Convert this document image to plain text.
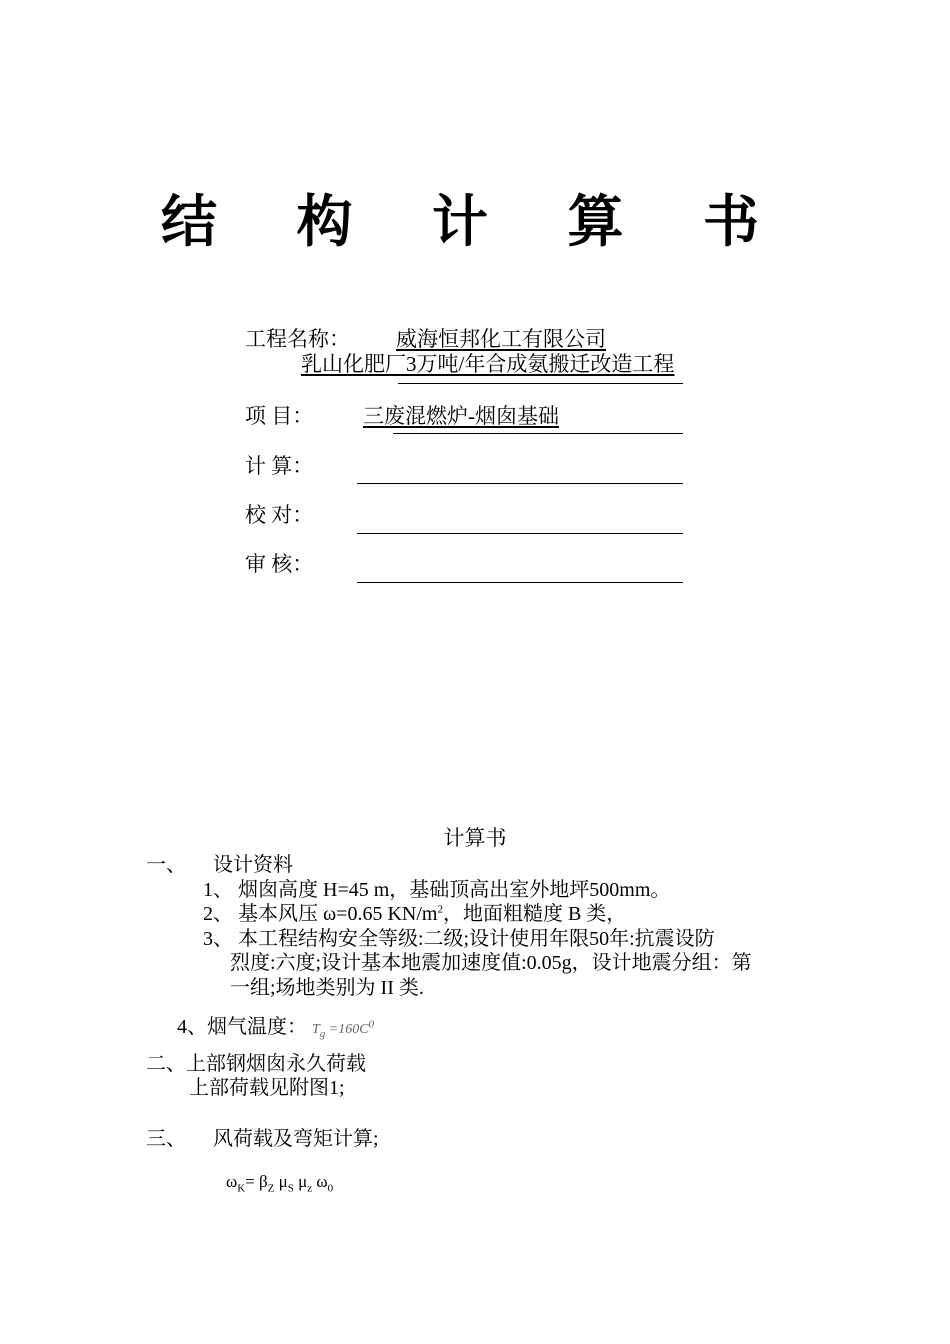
结 构 计 算 书
工程名称：	威海恒邦化工有限公司
乳山化肥厂3万吨/年合成氨搬迁改造工程
项 目：	三废混燃炉-烟囱基础
计 算：
校 对：
审 核：
计算书
一、 设计资料
1、 烟囱高度 H=45 m，基础顶高出室外地坪500mm。
2、 基本风压 ω=0.65 $KN/m^2$，地面粗糙度 B 类，
3、 本工程结构安全等级:二级;设计使用年限50年:抗震设防
烈度:六度;设计基本地震加速度值:0.05g，设计地震分组：第
一组;场地类别为 II 类.
4、烟气温度： $T_g =160C^0$
二、上部钢烟囱永久荷载
上部荷载见附图1;
三、 风荷载及弯矩计算;
$\omega_K= \beta_Z$ $\mu_S$ $\mu_z$ $\omega_0$
